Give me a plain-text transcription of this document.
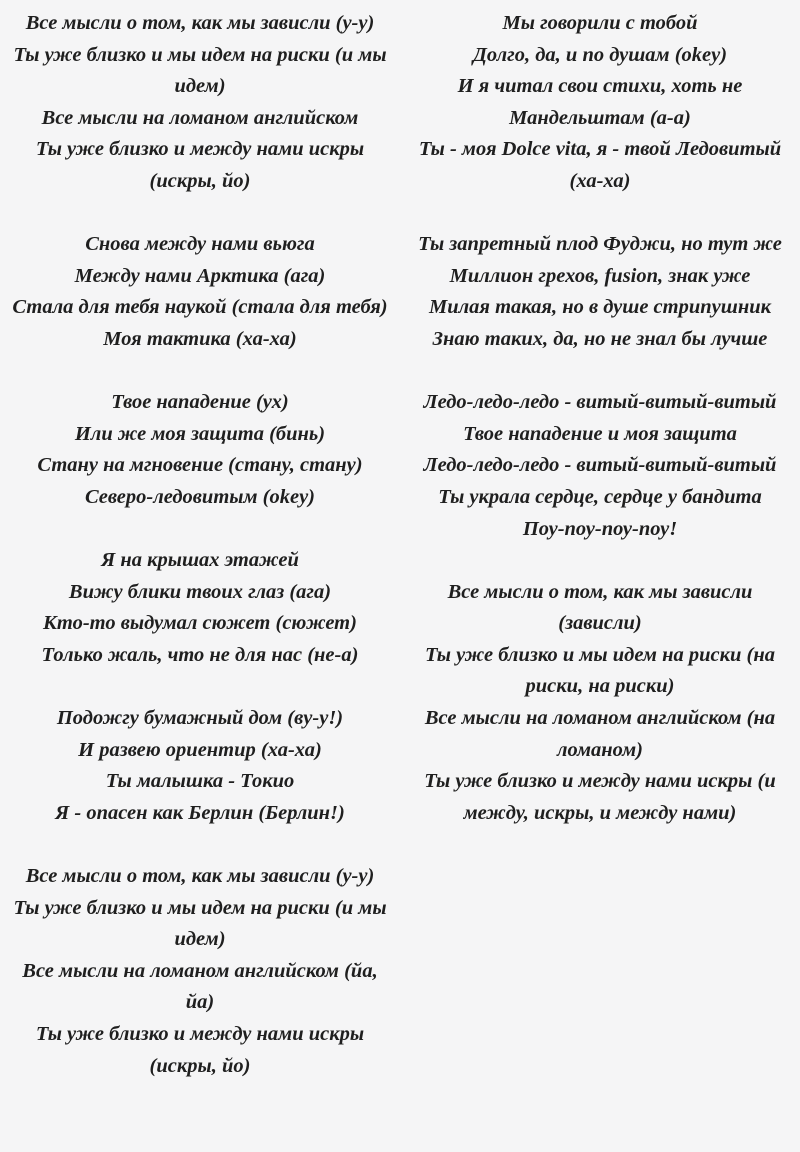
Все мысли о том, как мы зависли (у-у)
Ты уже близко и мы идем на риски (и мы идем)
Все мысли на ломаном английском
Ты уже близко и между нами искры (искры, йо)
Снова между нами вьюга
Между нами Арктика (ага)
Стала для тебя наукой (стала для тебя)
Моя тактика (ха-ха)
Твое нападение (ух)
Или же моя защита (бинь)
Стану на мгновение (стану, стану)
Северо-ледовитым (okey)
Я на крышах этажей
Вижу блики твоих глаз (ага)
Кто-то выдумал сюжет (сюжет)
Только жаль, что не для нас (не-а)
Подожгу бумажный дом (ву-у!)
И развею ориентир (ха-ха)
Ты малышка - Токио
Я - опасен как Берлин (Берлин!)
Все мысли о том, как мы зависли (у-у)
Ты уже близко и мы идем на риски (и мы идем)
Все мысли на ломаном английском (йа, йа)
Ты уже близко и между нами искры (искры, йо)
Мы говорили с тобой
Долго, да, и по душам (okey)
И я читал свои стихи, хоть не Мандельштам (а-а)
Ты - моя Dolce vita, я - твой Ледовитый (ха-ха)
Ты запретный плод Фуджи, но тут же
Миллион грехов, fusion, знак уже
Милая такая, но в душе стрипушник
Знаю таких, да, но не знал бы лучше
Ледо-ледо-ледо - витый-витый-витый
Твое нападение и моя защита
Ледо-ледо-ледо - витый-витый-витый
Ты украла сердце, сердце у бандита
Поу-поу-поу-поу!
Все мысли о том, как мы зависли (зависли)
Ты уже близко и мы идем на риски (на риски, на риски)
Все мысли на ломаном английском (на ломаном)
Ты уже близко и между нами искры (и между, искры, и между нами)
